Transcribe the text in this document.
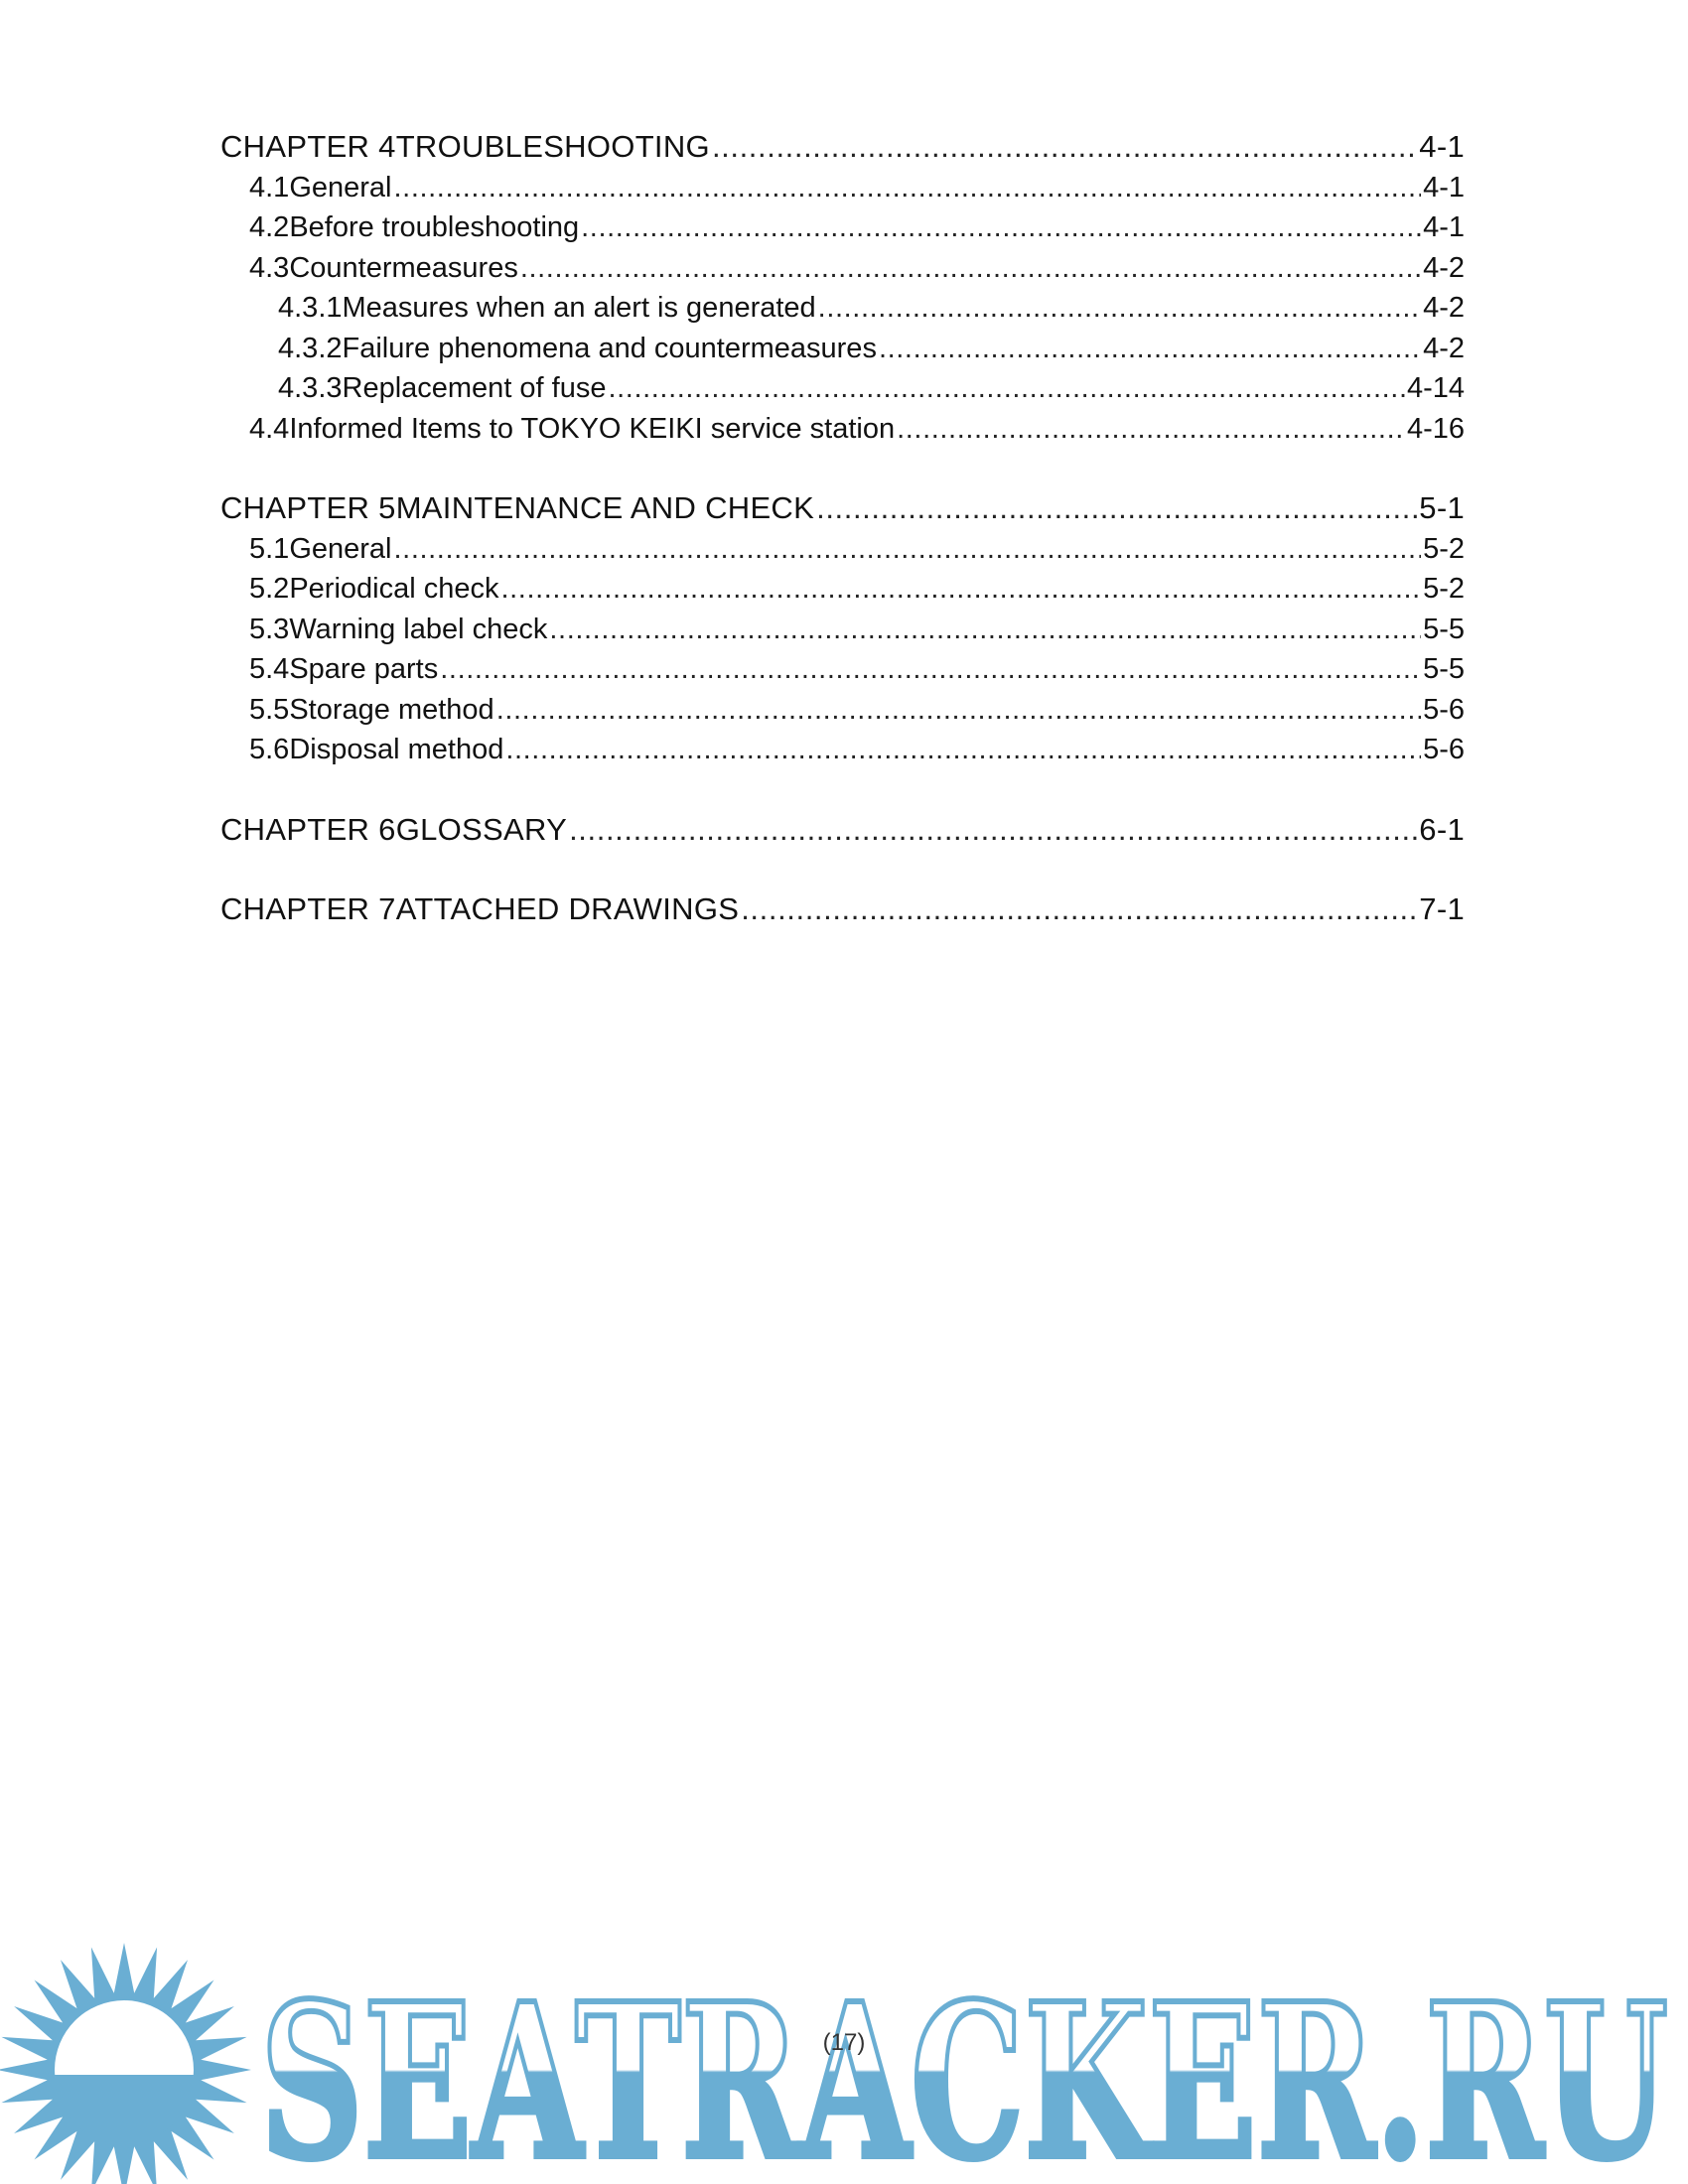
CHAPTER 4 TROUBLESHOOTING .....	4-1
4.1 General .....	4-1
4.2 Before troubleshooting .....	4-1
4.3 Countermeasures .....	4-2
4.3.1 Measures when an alert is generated .....	4-2
4.3.2 Failure phenomena and countermeasures .....	4-2
4.3.3 Replacement of fuse .....	4-14
4.4 Informed Items to TOKYO KEIKI service station .....	4-16
CHAPTER 5 MAINTENANCE AND CHECK .....	5-1
5.1 General .....	5-2
5.2 Periodical check .....	5-2
5.3 Warning label check .....	5-5
5.4 Spare parts .....	5-5
5.5 Storage method .....	5-6
5.6 Disposal method .....	5-6
CHAPTER 6 GLOSSARY .....	6-1
CHAPTER 7 ATTACHED DRAWINGS .....	7-1
SEATRACKER.RU
(17)
